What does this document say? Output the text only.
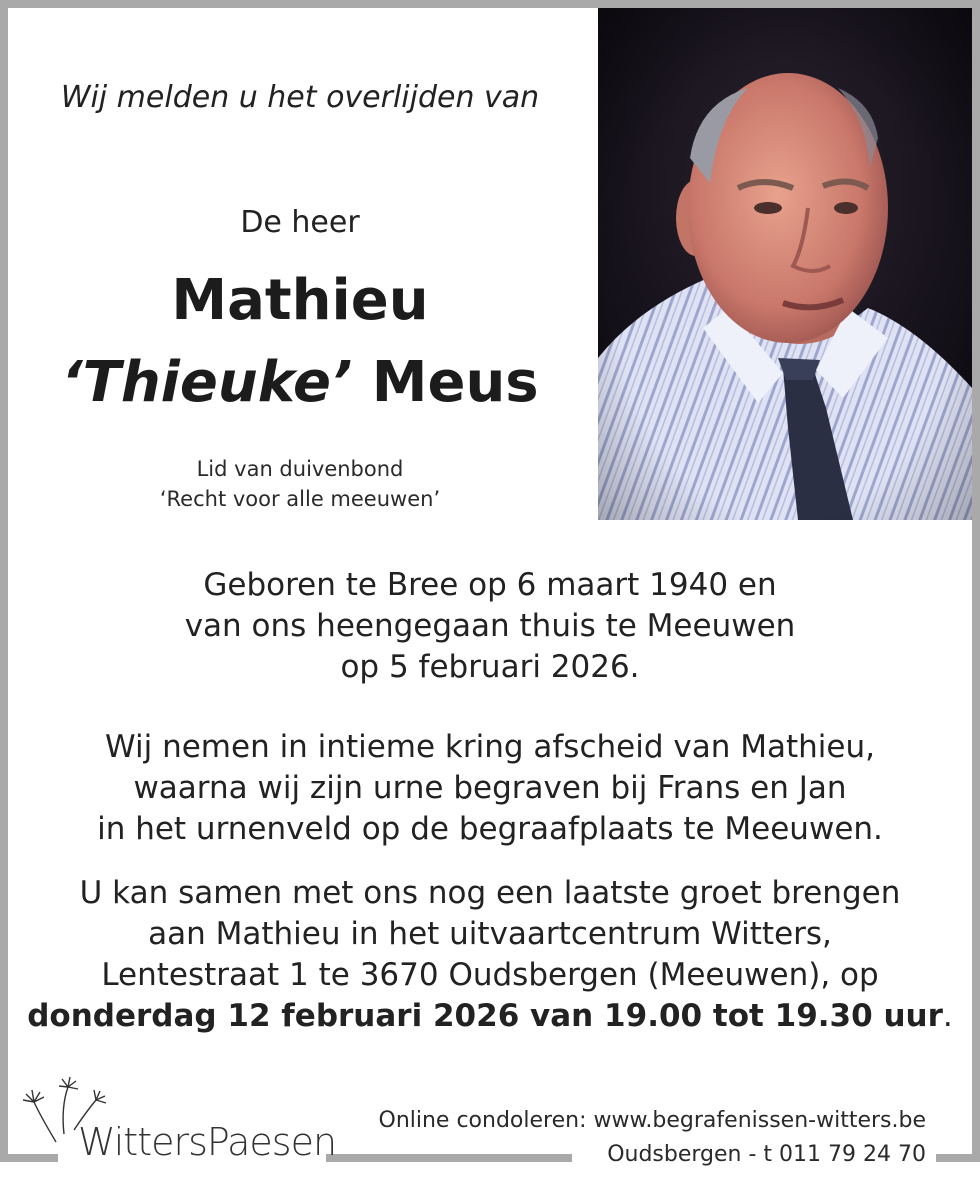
Wij melden u het overlijden van
De heer
Mathieu
‘Thieuke’ Meus
Lid van duivenbond
‘Recht voor alle meeuwen’
Geboren te Bree op 6 maart 1940 en
van ons heengegaan thuis te Meeuwen
op 5 februari 2026.
Wij nemen in intieme kring afscheid van Mathieu,
waarna wij zijn urne begraven bij Frans en Jan
in het urnenveld op de begraafplaats te Meeuwen.
U kan samen met ons nog een laatste groet brengen
aan Mathieu in het uitvaartcentrum Witters,
Lentestraat 1 te 3670 Oudsbergen (Meeuwen), op
donderdag 12 februari 2026 van 19.00 tot 19.30 uur.
WittersPaesen Online condoleren: www.begrafenissen-witters.be
Oudsbergen - t 011 79 24 70
